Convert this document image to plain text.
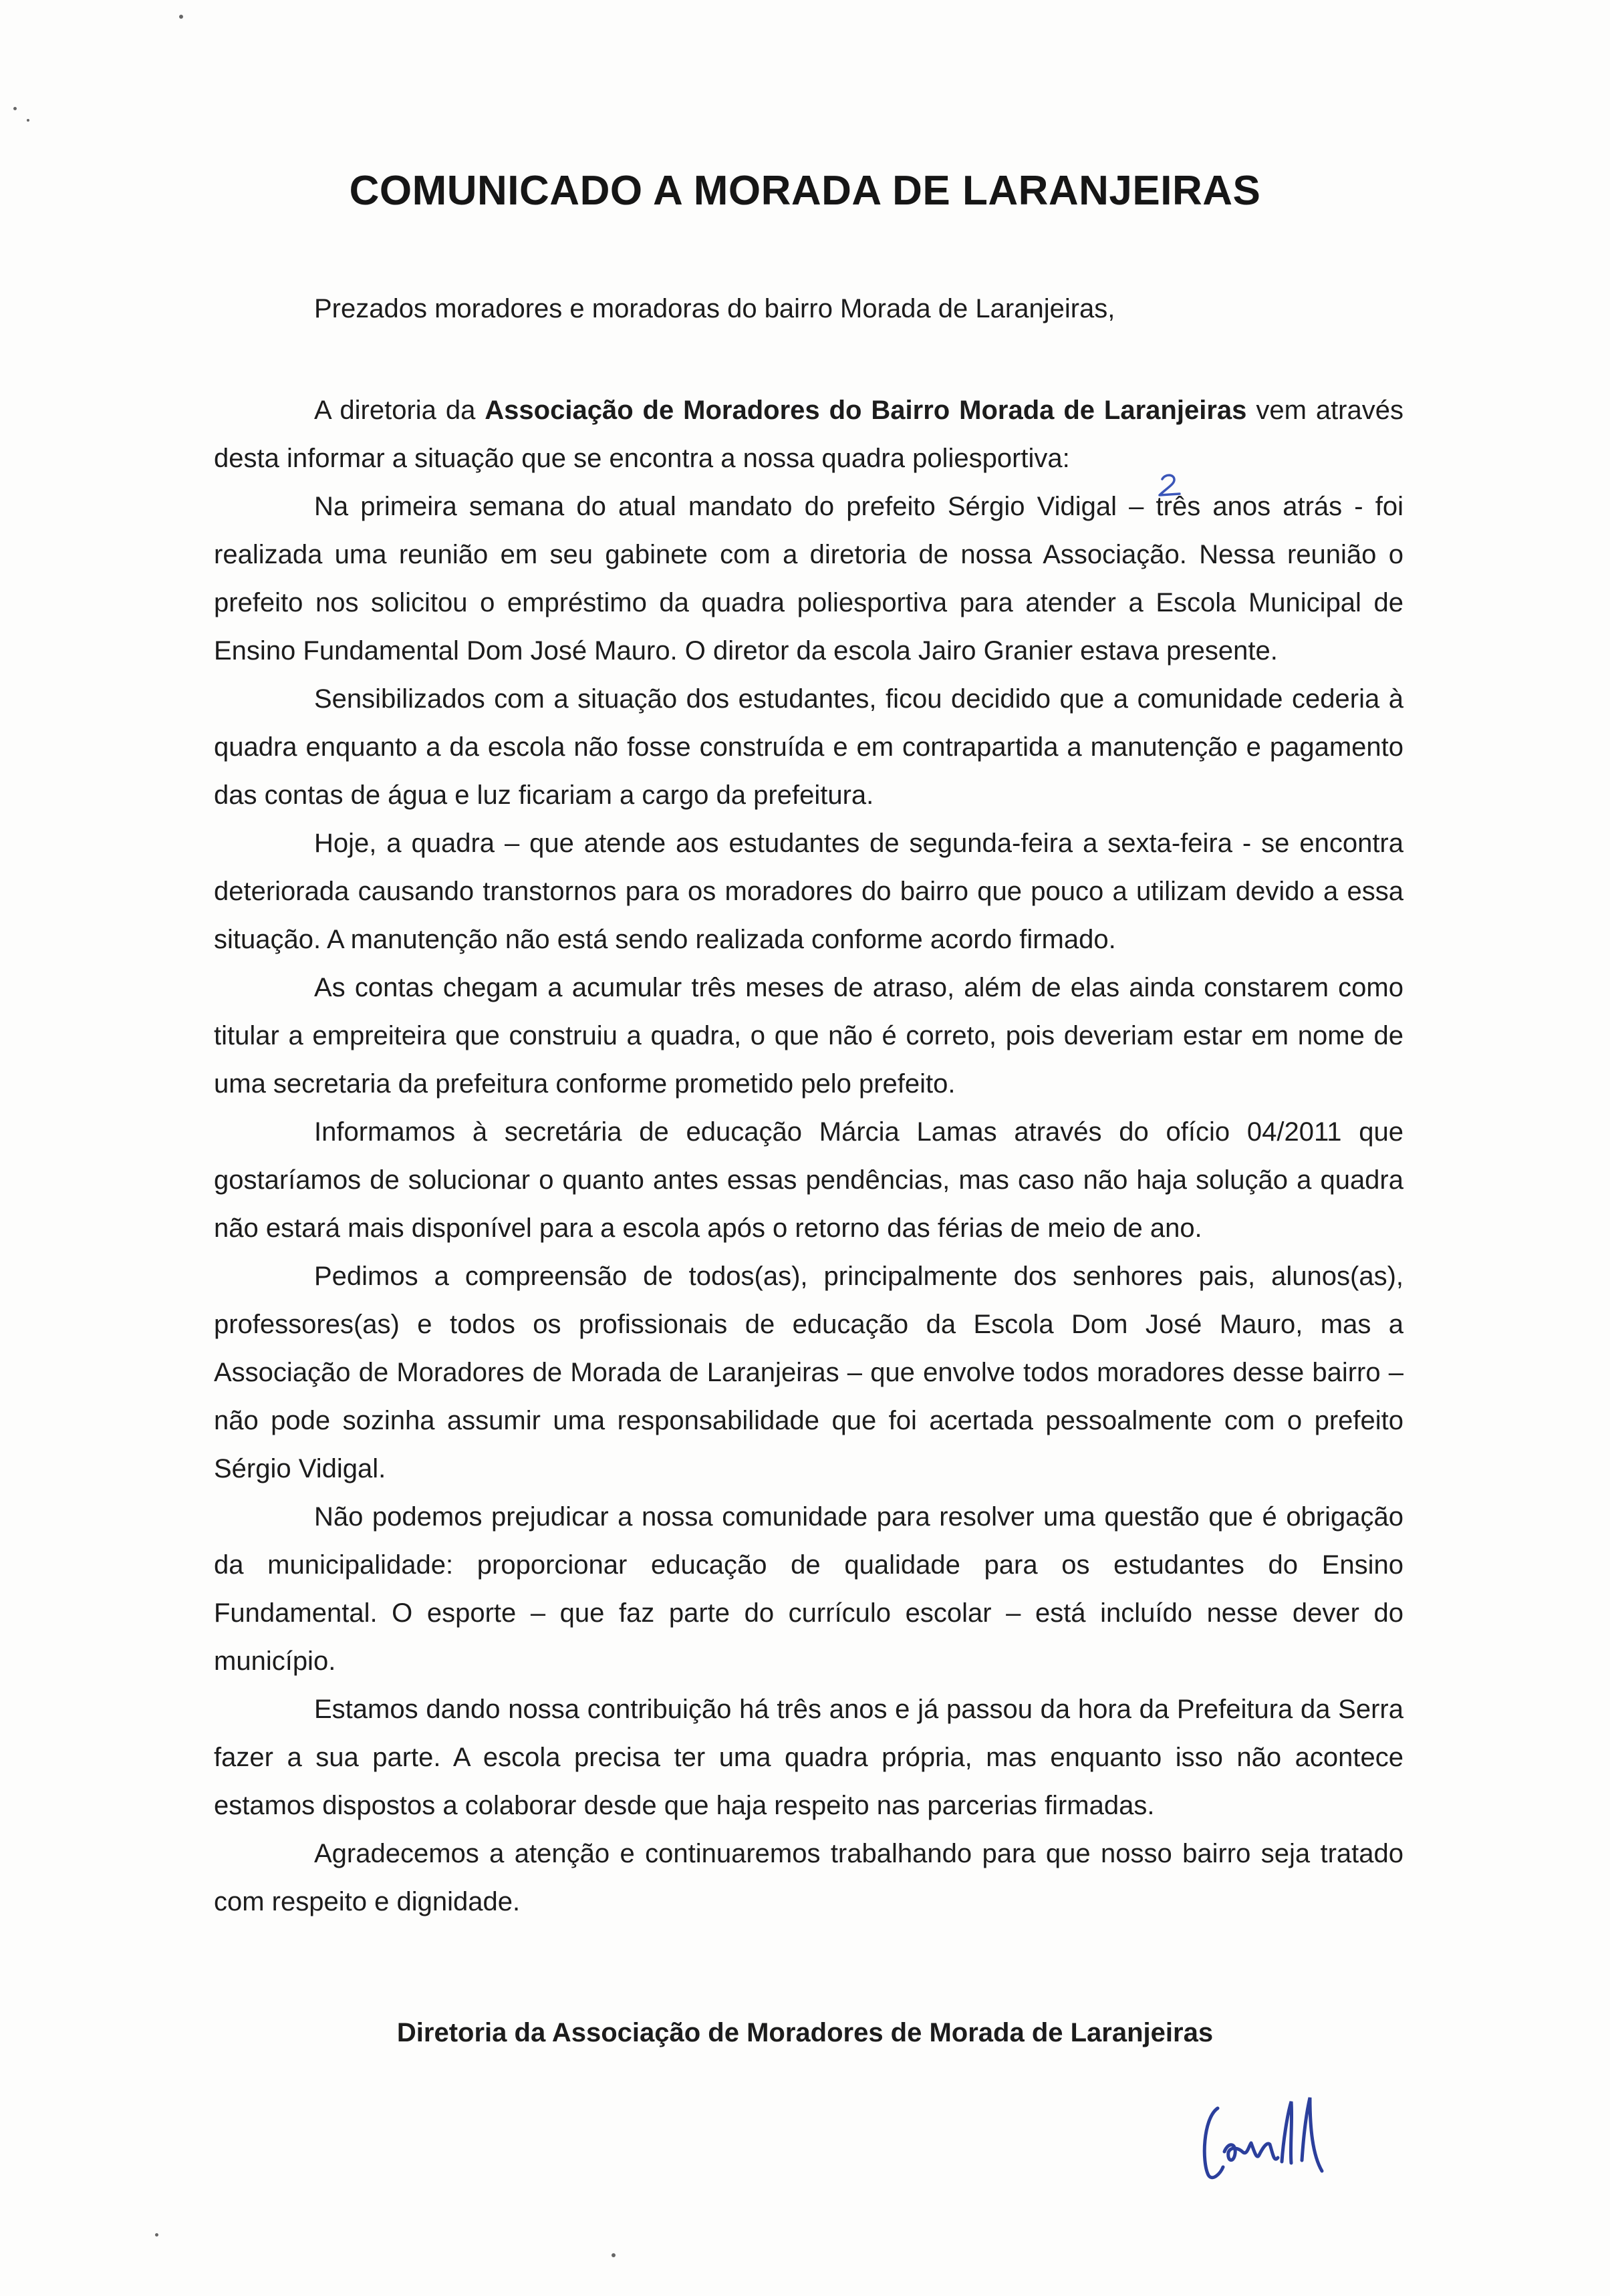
COMUNICADO A MORADA DE LARANJEIRAS
Prezados moradores e moradoras do bairro Morada de Laranjeiras,

A diretoria da Associação de Moradores do Bairro Morada de Laranjeiras vem através desta informar a situação que se encontra a nossa quadra poliesportiva:

Na primeira semana do atual mandato do prefeito Sérgio Vidigal – três anos atrás - foi realizada uma reunião em seu gabinete com a diretoria de nossa Associação. Nessa reunião o prefeito nos solicitou o empréstimo da quadra poliesportiva para atender a Escola Municipal de Ensino Fundamental Dom José Mauro. O diretor da escola Jairo Granier estava presente.

Sensibilizados com a situação dos estudantes, ficou decidido que a comunidade cederia à quadra enquanto a da escola não fosse construída e em contrapartida a manutenção e pagamento das contas de água e luz ficariam a cargo da prefeitura.

Hoje, a quadra – que atende aos estudantes de segunda-feira a sexta-feira - se encontra deteriorada causando transtornos para os moradores do bairro que pouco a utilizam devido a essa situação. A manutenção não está sendo realizada conforme acordo firmado.

As contas chegam a acumular três meses de atraso, além de elas ainda constarem como titular a empreiteira que construiu a quadra, o que não é correto, pois deveriam estar em nome de uma secretaria da prefeitura conforme prometido pelo prefeito.

Informamos à secretária de educação Márcia Lamas através do ofício 04/2011 que gostaríamos de solucionar o quanto antes essas pendências, mas caso não haja solução a quadra não estará mais disponível para a escola após o retorno das férias de meio de ano.

Pedimos a compreensão de todos(as), principalmente dos senhores pais, alunos(as), professores(as) e todos os profissionais de educação da Escola Dom José Mauro, mas a Associação de Moradores de Morada de Laranjeiras – que envolve todos moradores desse bairro – não pode sozinha assumir uma responsabilidade que foi acertada pessoalmente com o prefeito Sérgio Vidigal.

Não podemos prejudicar a nossa comunidade para resolver uma questão que é obrigação da municipalidade: proporcionar educação de qualidade para os estudantes do Ensino Fundamental. O esporte – que faz parte do currículo escolar – está incluído nesse dever do município.

Estamos dando nossa contribuição há três anos e já passou da hora da Prefeitura da Serra fazer a sua parte. A escola precisa ter uma quadra própria, mas enquanto isso não acontece estamos dispostos a colaborar desde que haja respeito nas parcerias firmadas.

Agradecemos a atenção e continuaremos trabalhando para que nosso bairro seja tratado com respeito e dignidade.

Diretoria da Associação de Moradores de Morada de Laranjeiras
